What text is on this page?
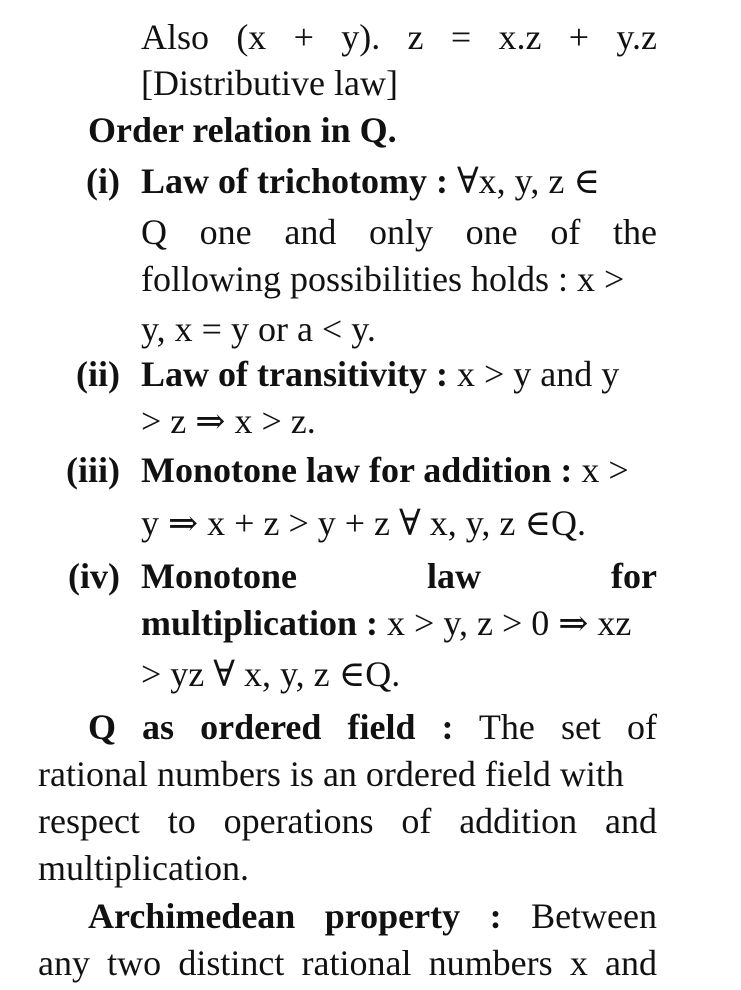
Also (x + y). z = x.z + y.z
[Distributive law]
Order relation in Q.
(i) Law of trichotomy : ∀x, y, z ∈
Q one and only one of the
following possibilities holds : x >
y, x = y or a < y.
(ii) Law of transitivity : x > y and y
> z ⇒ x > z.
(iii) Monotone law for addition : x >
y ⇒ x + z > y + z ∀ x, y, z ∈Q.
(iv) Monotone law for
multiplication : x > y, z > 0 ⇒ xz
> yz ∀ x, y, z ∈Q.
Q as ordered field : The set of
rational numbers is an ordered field with
respect to operations of addition and
multiplication.
Archimedean property : Between
any two distinct rational numbers x and
